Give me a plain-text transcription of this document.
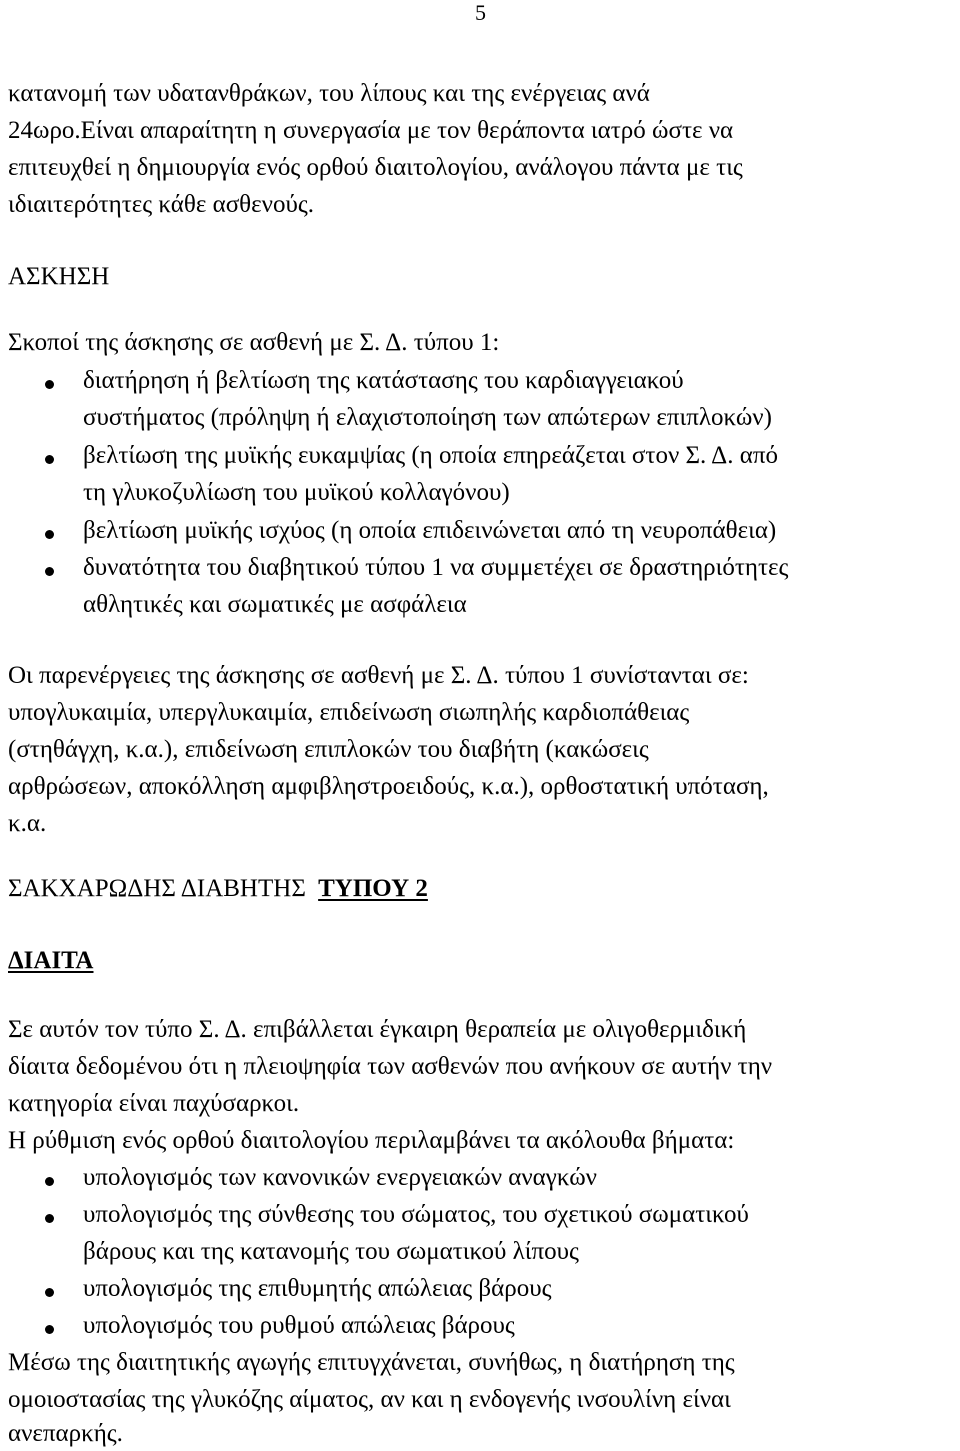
5

κατανομή των υδατανθράκων, του λίπους και της ενέργειας ανά

24ωρο.Είναι απαραίτητη η συνεργασία με τον θεράποντα ιατρό ώστε να

επιτευχθεί η δημιουργία ενός ορθού διαιτολογίου, ανάλογου πάντα με τις

ιδιαιτερότητες κάθε ασθενούς.

ΑΣΚΗΣΗ

Σκοποί της άσκησης σε ασθενή με Σ. Δ. τύπου 1:

διατήρηση ή βελτίωση της κατάστασης του καρδιαγγειακού

συστήματος (πρόληψη ή ελαχιστοποίηση των απώτερων επιπλοκών)

βελτίωση της μυϊκής ευκαμψίας (η οποία επηρεάζεται στον Σ. Δ. από

τη γλυκοζυλίωση του μυϊκού κολλαγόνου)

βελτίωση μυϊκής ισχύος (η οποία επιδεινώνεται από τη νευροπάθεια)

δυνατότητα του διαβητικού τύπου 1 να συμμετέχει σε δραστηριότητες

αθλητικές και σωματικές με ασφάλεια

Οι παρενέργειες της άσκησης σε ασθενή με Σ. Δ. τύπου 1 συνίστανται σε:

υπογλυκαιμία, υπεργλυκαιμία, επιδείνωση σιωπηλής καρδιοπάθειας

(στηθάγχη, κ.α.), επιδείνωση επιπλοκών του διαβήτη (κακώσεις

αρθρώσεων, αποκόλληση αμφιβληστροειδούς, κ.α.), ορθοστατική υπόταση,

κ.α.

ΣΑΚΧΑΡΩΔΗΣ ΔΙΑΒΗΤΗΣ ΤΥΠΟΥ 2

ΔΙΑΙΤΑ

Σε αυτόν τον τύπο Σ. Δ. επιβάλλεται έγκαιρη θεραπεία με ολιγοθερμιδική

δίαιτα δεδομένου ότι η πλειοψηφία των ασθενών που ανήκουν σε αυτήν την

κατηγορία είναι παχύσαρκοι.

Η ρύθμιση ενός ορθού διαιτολογίου περιλαμβάνει τα ακόλουθα βήματα:

υπολογισμός των κανονικών ενεργειακών αναγκών

υπολογισμός της σύνθεσης του σώματος, του σχετικού σωματικού

βάρους και της κατανομής του σωματικού λίπους

υπολογισμός της επιθυμητής απώλειας βάρους

υπολογισμός του ρυθμού απώλειας βάρους

Μέσω της διαιτητικής αγωγής επιτυγχάνεται, συνήθως, η διατήρηση της

ομοιοστασίας της γλυκόζης αίματος, αν και η ενδογενής ινσουλίνη είναι

ανεπαρκής.
